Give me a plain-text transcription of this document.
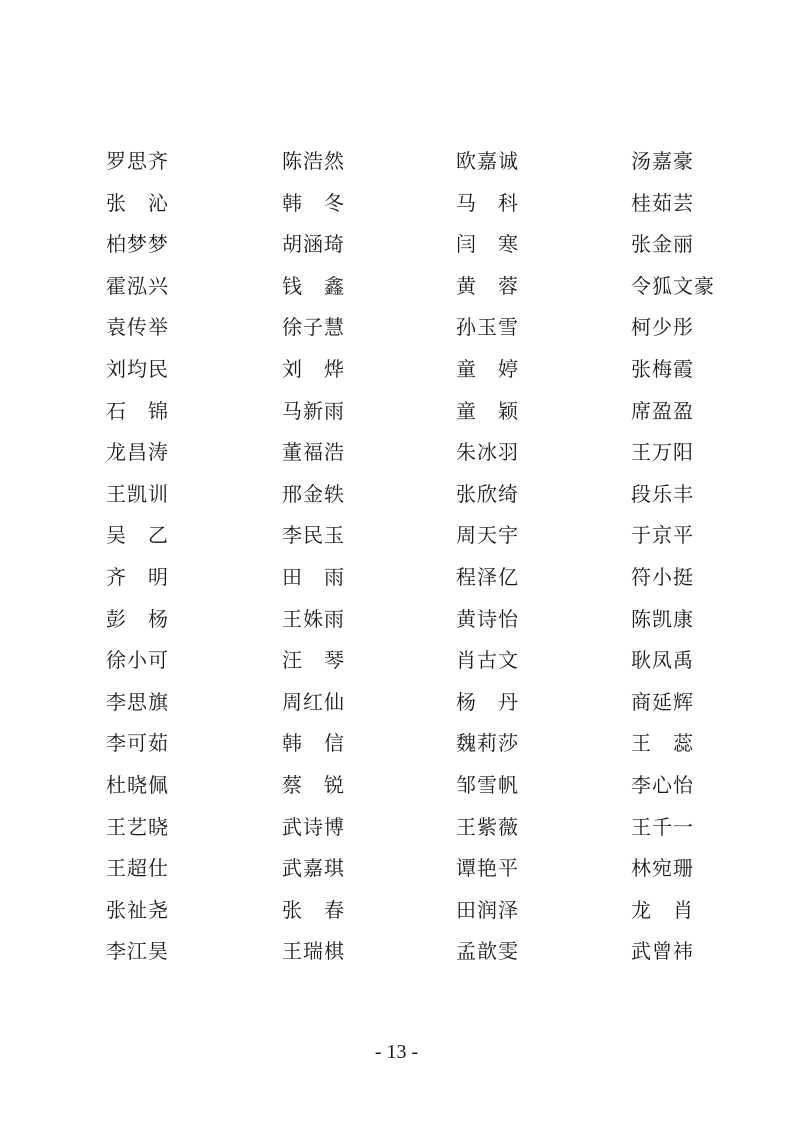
罗思齐	陈浩然	欧嘉诚	汤嘉豪
张　沁	韩　冬	马　科	桂茹芸
柏梦梦	胡涵琦	闫　寒	张金丽
霍泓兴	钱　鑫	黄　蓉	令狐文豪
袁传举	徐子慧	孙玉雪	柯少彤
刘均民	刘　烨	童　婷	张梅霞
石　锦	马新雨	童　颖	席盈盈
龙昌涛	董福浩	朱冰羽	王万阳
王凯训	邢金轶	张欣绮	段乐丰
吴　乙	李民玉	周天宇	于京平
齐　明	田　雨	程泽亿	符小挺
彭　杨	王姝雨	黄诗怡	陈凯康
徐小可	汪　琴	肖古文	耿凤禹
李思旗	周红仙	杨　丹	商延辉
李可茹	韩　信	魏莉莎	王　蕊
杜晓佩	蔡　锐	邹雪帆	李心怡
王艺晓	武诗博	王紫薇	王千一
王超仕	武嘉琪	谭艳平	林宛珊
张祉尧	张　春	田润泽	龙　肖
李江昊	王瑞棋	孟歆雯	武曾祎
- 13 -
